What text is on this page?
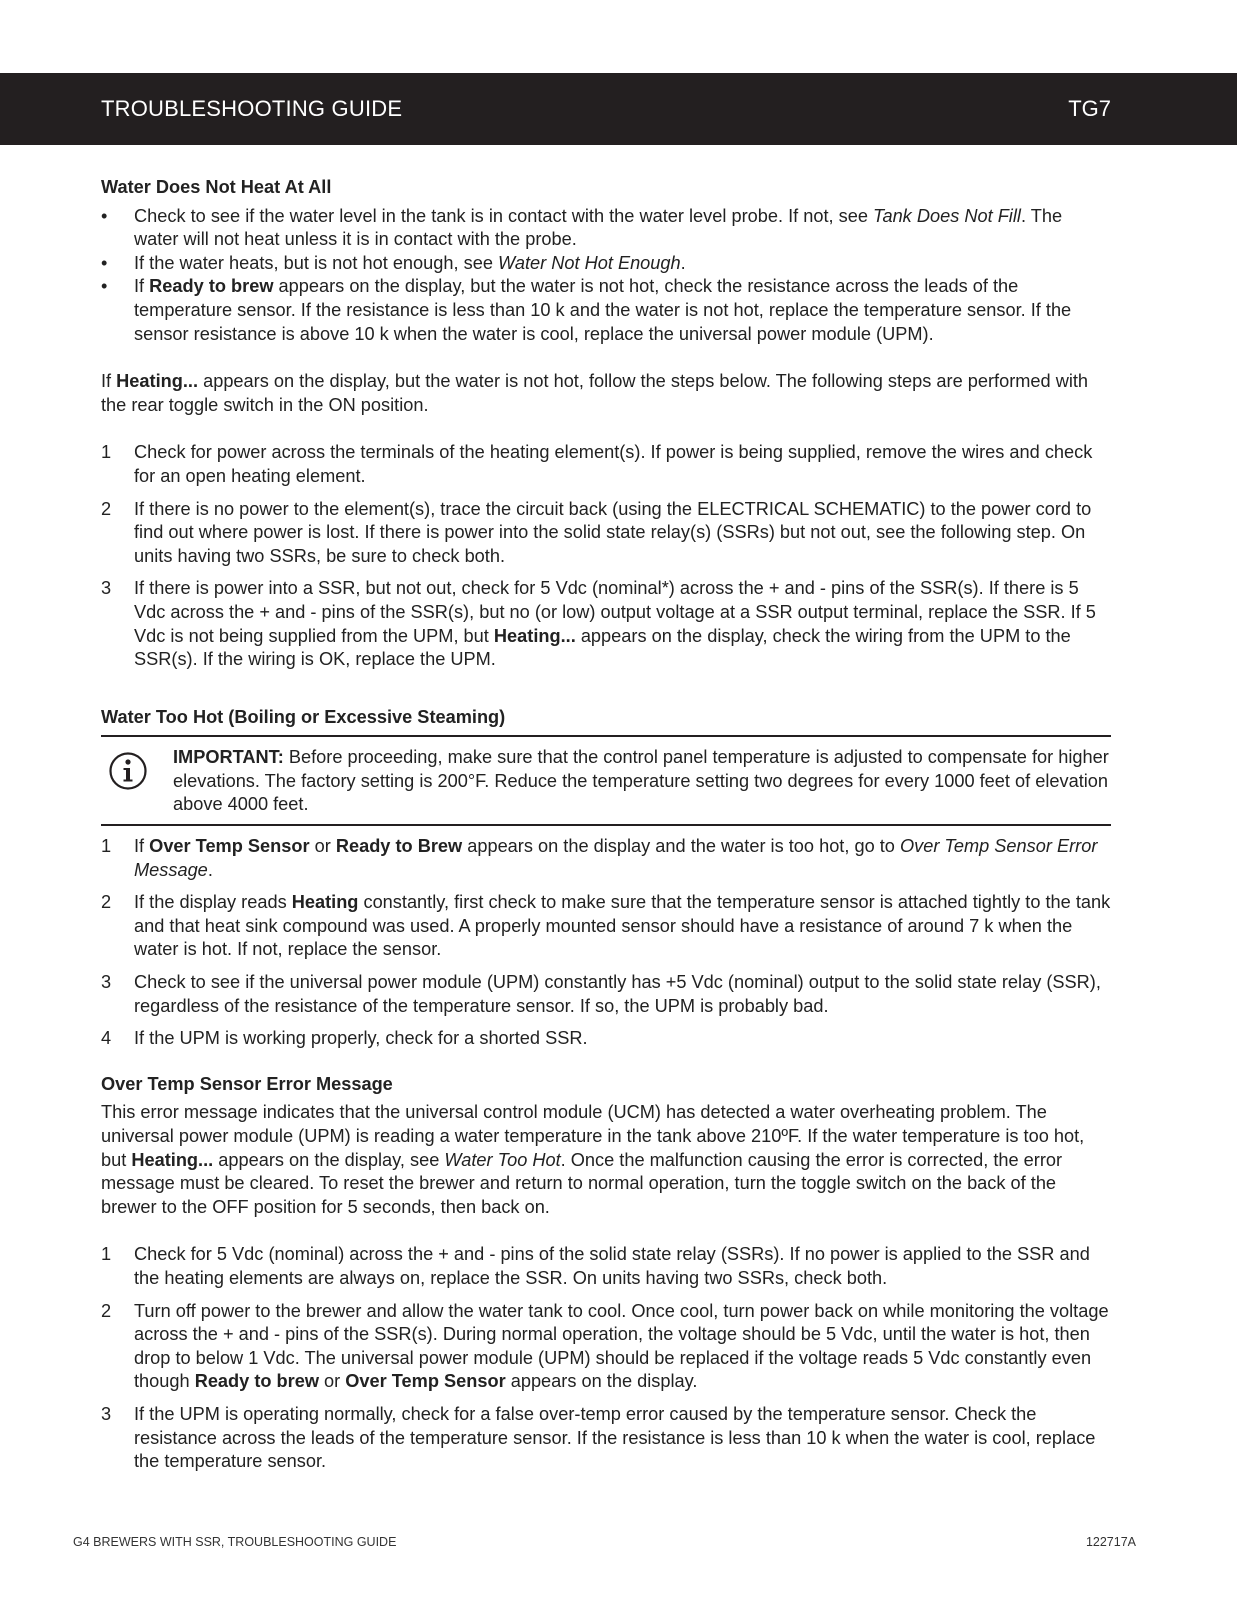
TROUBLESHOOTING GUIDE	TG7
Water Does Not Heat At All
• Check to see if the water level in the tank is in contact with the water level probe. If not, see Tank Does Not Fill. The water will not heat unless it is in contact with the probe.
• If the water heats, but is not hot enough, see Water Not Hot Enough.
• If Ready to brew appears on the display, but the water is not hot, check the resistance across the leads of the temperature sensor. If the resistance is less than 10 k and the water is not hot, replace the temperature sensor. If the sensor resistance is above 10 k when the water is cool, replace the universal power module (UPM).

If Heating... appears on the display, but the water is not hot, follow the steps below. The following steps are performed with the rear toggle switch in the ON position.

1 Check for power across the terminals of the heating element(s). If power is being supplied, remove the wires and check for an open heating element.
2 If there is no power to the element(s), trace the circuit back (using the ELECTRICAL SCHEMATIC) to the power cord to find out where power is lost. If there is power into the solid state relay(s) (SSRs) but not out, see the following step. On units having two SSRs, be sure to check both.
3 If there is power into a SSR, but not out, check for 5 Vdc (nominal*) across the + and - pins of the SSR(s). If there is 5 Vdc across the + and - pins of the SSR(s), but no (or low) output voltage at a SSR output terminal, replace the SSR. If 5 Vdc is not being supplied from the UPM, but Heating... appears on the display, check the wiring from the UPM to the SSR(s). If the wiring is OK, replace the UPM.
Water Too Hot (Boiling or Excessive Steaming)

IMPORTANT: Before proceeding, make sure that the control panel temperature is adjusted to compensate for higher elevations. The factory setting is 200°F. Reduce the temperature setting two degrees for every 1000 feet of elevation above 4000 feet.

1 If Over Temp Sensor or Ready to Brew appears on the display and the water is too hot, go to Over Temp Sensor Error Message.
2 If the display reads Heating constantly, first check to make sure that the temperature sensor is attached tightly to the tank and that heat sink compound was used. A properly mounted sensor should have a resistance of around 7 k when the water is hot. If not, replace the sensor.
3 Check to see if the universal power module (UPM) constantly has +5 Vdc (nominal) output to the solid state relay (SSR), regardless of the resistance of the temperature sensor. If so, the UPM is probably bad.
4 If the UPM is working properly, check for a shorted SSR.
Over Temp Sensor Error Message

This error message indicates that the universal control module (UCM) has detected a water overheating problem. The universal power module (UPM) is reading a water temperature in the tank above 210ºF. If the water temperature is too hot, but Heating... appears on the display, see Water Too Hot. Once the malfunction causing the error is corrected, the error message must be cleared. To reset the brewer and return to normal operation, turn the toggle switch on the back of the brewer to the OFF position for 5 seconds, then back on.

1 Check for 5 Vdc (nominal) across the + and - pins of the solid state relay (SSRs). If no power is applied to the SSR and the heating elements are always on, replace the SSR. On units having two SSRs, check both.
2 Turn off power to the brewer and allow the water tank to cool. Once cool, turn power back on while monitoring the voltage across the + and - pins of the SSR(s). During normal operation, the voltage should be 5 Vdc, until the water is hot, then drop to below 1 Vdc. The universal power module (UPM) should be replaced if the voltage reads 5 Vdc constantly even though Ready to brew or Over Temp Sensor appears on the display.
3 If the UPM is operating normally, check for a false over-temp error caused by the temperature sensor. Check the resistance across the leads of the temperature sensor. If the resistance is less than 10 k when the water is cool, replace the temperature sensor.
G4 BREWERS WITH SSR, TROUBLESHOOTING GUIDE	122717A
